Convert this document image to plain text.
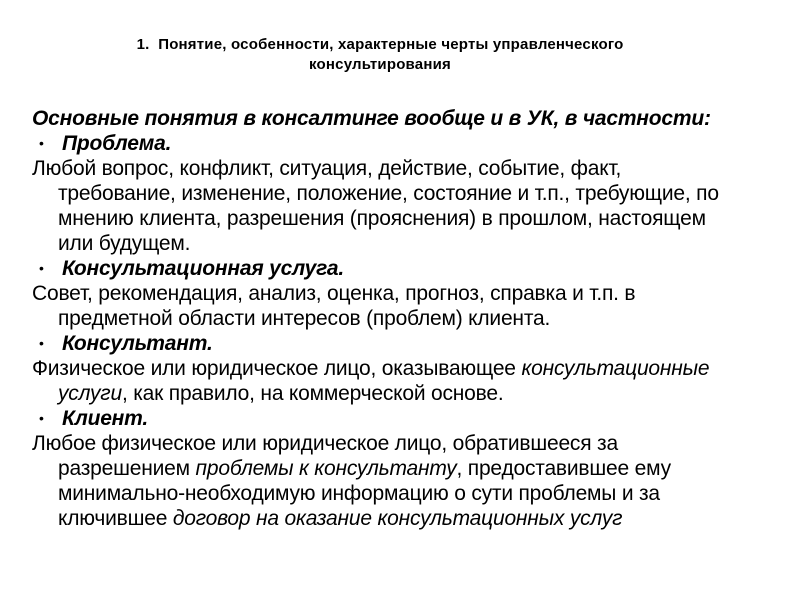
1.  Понятие, особенности, характерные черты управленческого
консультирования
Основные понятия в консалтинге вообще и в УК, в частности:
• Проблема.
Любой вопрос, конфликт, ситуация, действие, событие, факт,
требование, изменение, положение, состояние и т.п., требующие, по
мнению клиента, разрешения (прояснения) в прошлом, настоящем
или будущем.
• Консультационная услуга.
Совет, рекомендация, анализ, оценка, прогноз, справка и т.п. в
предметной области интересов (проблем) клиента.
• Консультант.
Физическое или юридическое лицо, оказывающее консультационные
услуги, как правило, на коммерческой основе.
• Клиент.
Любое физическое или юридическое лицо, обратившееся за
разрешением проблемы к консультанту, предоставившее ему
минимально-необходимую информацию о сути проблемы и за
ключившее договор на оказание консультационных услуг
